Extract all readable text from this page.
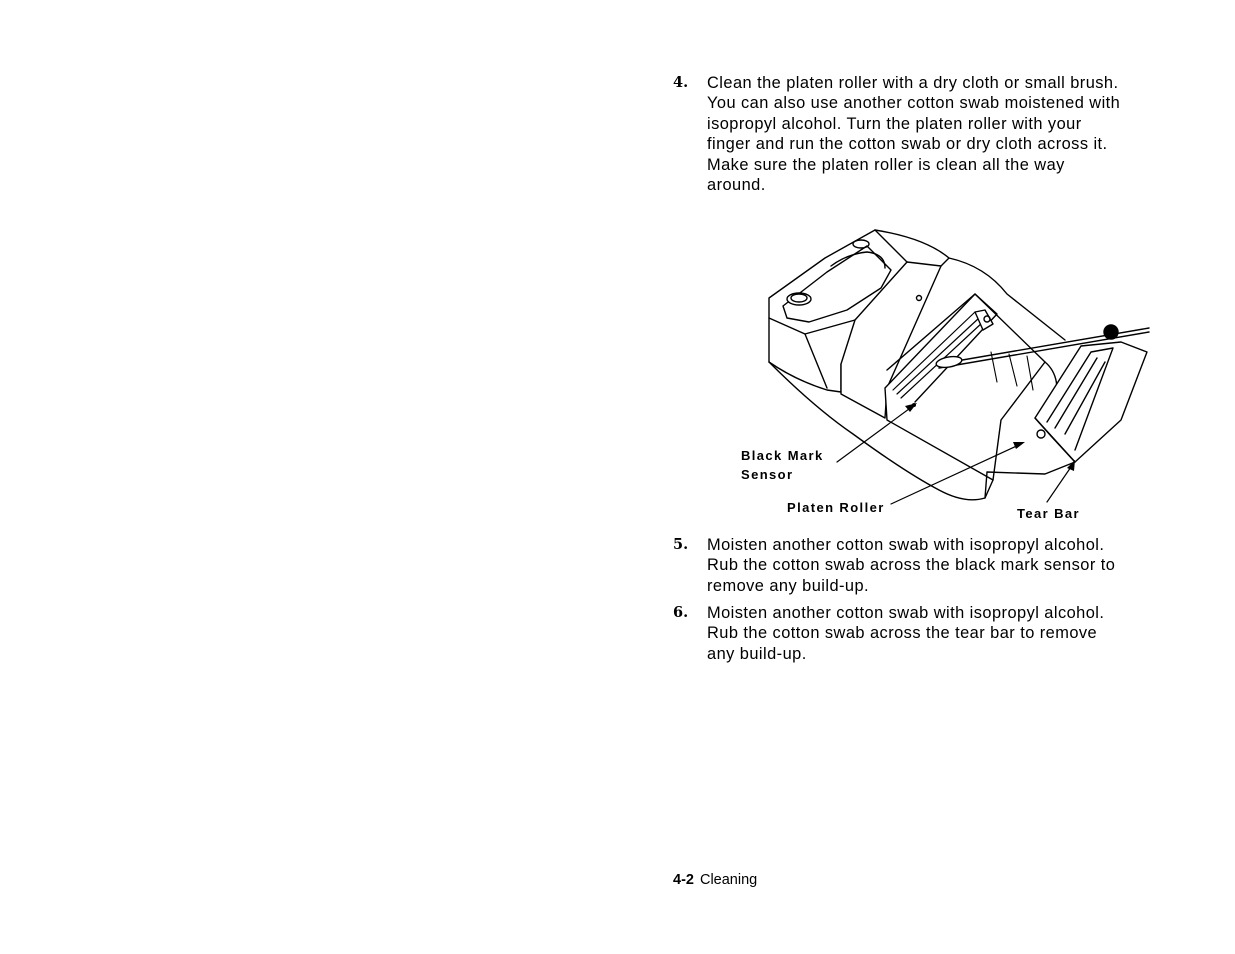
4. Clean the platen roller with a dry cloth or small brush.
You can also use another cotton swab moistened with
isopropyl alcohol. Turn the platen roller with your
finger and run the cotton swab or dry cloth across it.
Make sure the platen roller is clean all the way
around.
Black Mark
Sensor
Platen Roller	Tear Bar
5. Moisten another cotton swab with isopropyl alcohol.
Rub the cotton swab across the black mark sensor to
remove any build-up.
6. Moisten another cotton swab with isopropyl alcohol.
Rub the cotton swab across the tear bar to remove
any build-up.
4-2 Cleaning
